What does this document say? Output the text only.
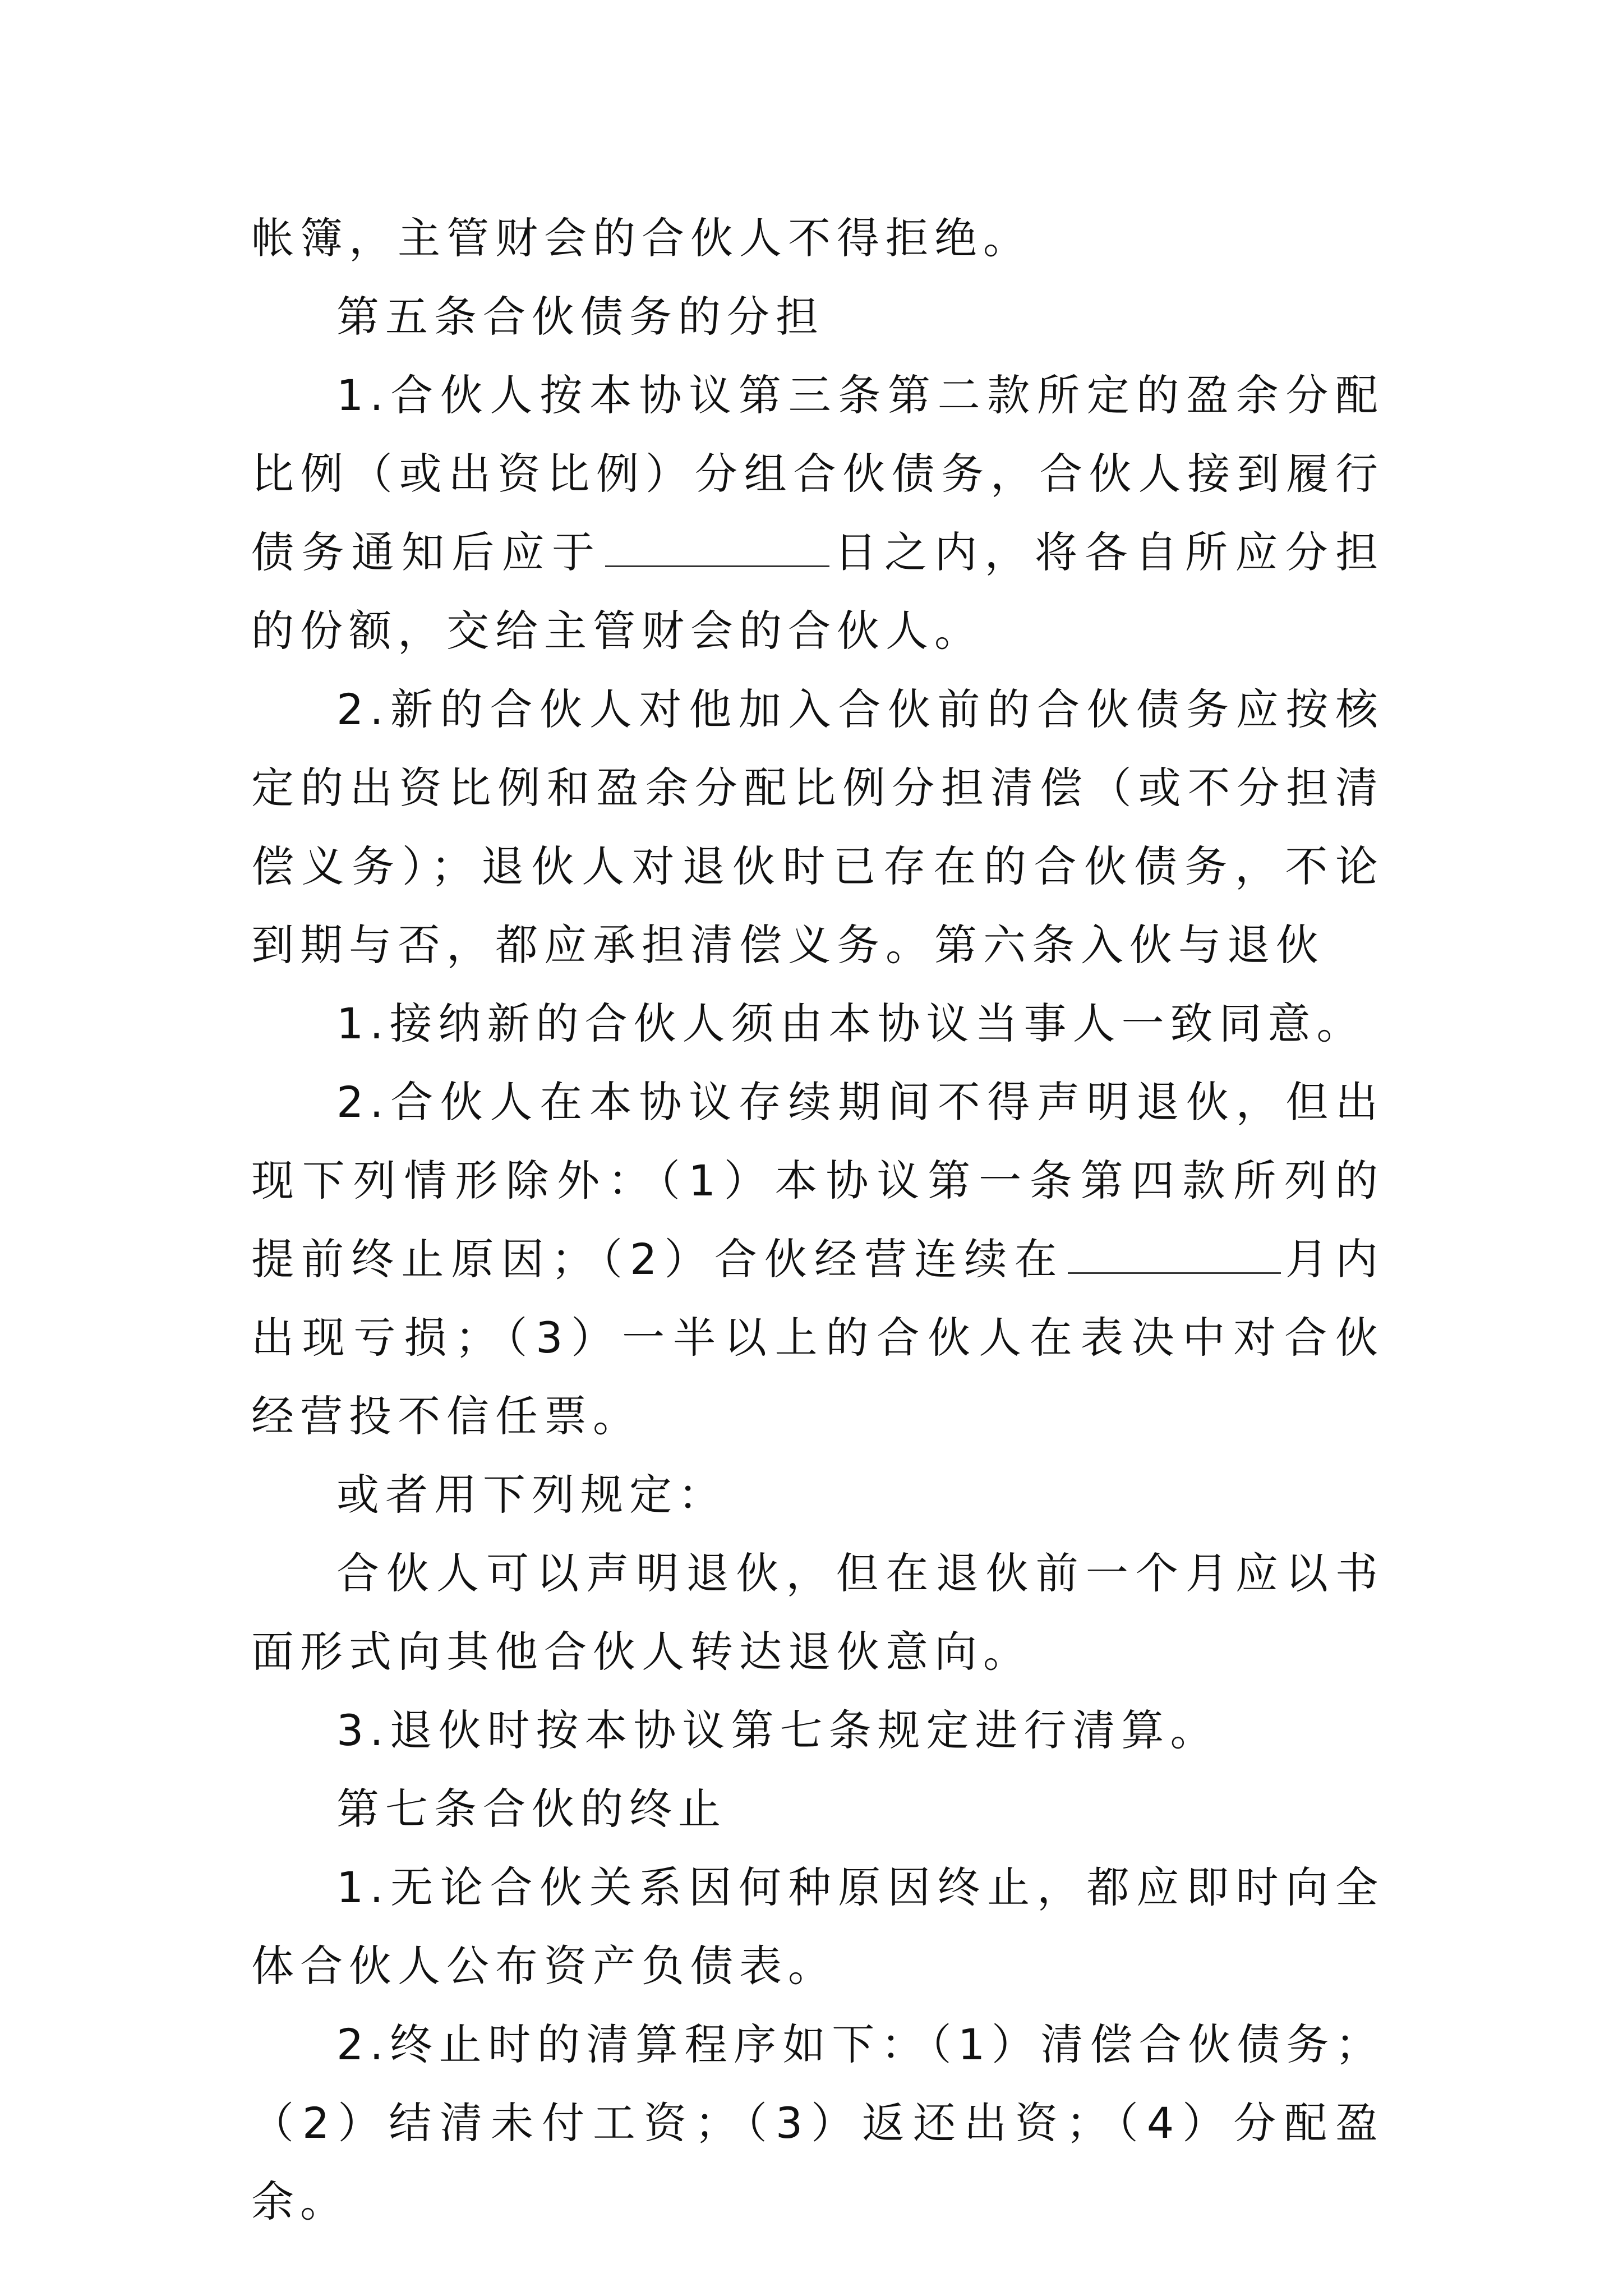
帐簿，主管财会的合伙人不得拒绝。

第五条合伙债务的分担

1.合伙人按本协议第三条第二款所定的盈余分配比例（或出资比例）分组合伙债务，合伙人接到履行债务通知后应于	日之内，将各自所应分担的份额，交给主管财会的合伙人。

2.新的合伙人对他加入合伙前的合伙债务应按核定的出资比例和盈余分配比例分担清偿（或不分担清偿义务）；退伙人对退伙时已存在的合伙债务，不论到期与否，都应承担清偿义务。第六条入伙与退伙

1.接纳新的合伙人须由本协议当事人一致同意。

2.合伙人在本协议存续期间不得声明退伙，但出现下列情形除外：（1）本协议第一条第四款所列的提前终止原因；（2）合伙经营连续在	月内出现亏损；（3）一半以上的合伙人在表决中对合伙经营投不信任票。

或者用下列规定：

合伙人可以声明退伙，但在退伙前一个月应以书面形式向其他合伙人转达退伙意向。

3.退伙时按本协议第七条规定进行清算。

第七条合伙的终止

1.无论合伙关系因何种原因终止，都应即时向全体合伙人公布资产负债表。

2.终止时的清算程序如下：（1）清偿合伙债务；（2）结清未付工资；（3）返还出资；（4）分配盈余。
